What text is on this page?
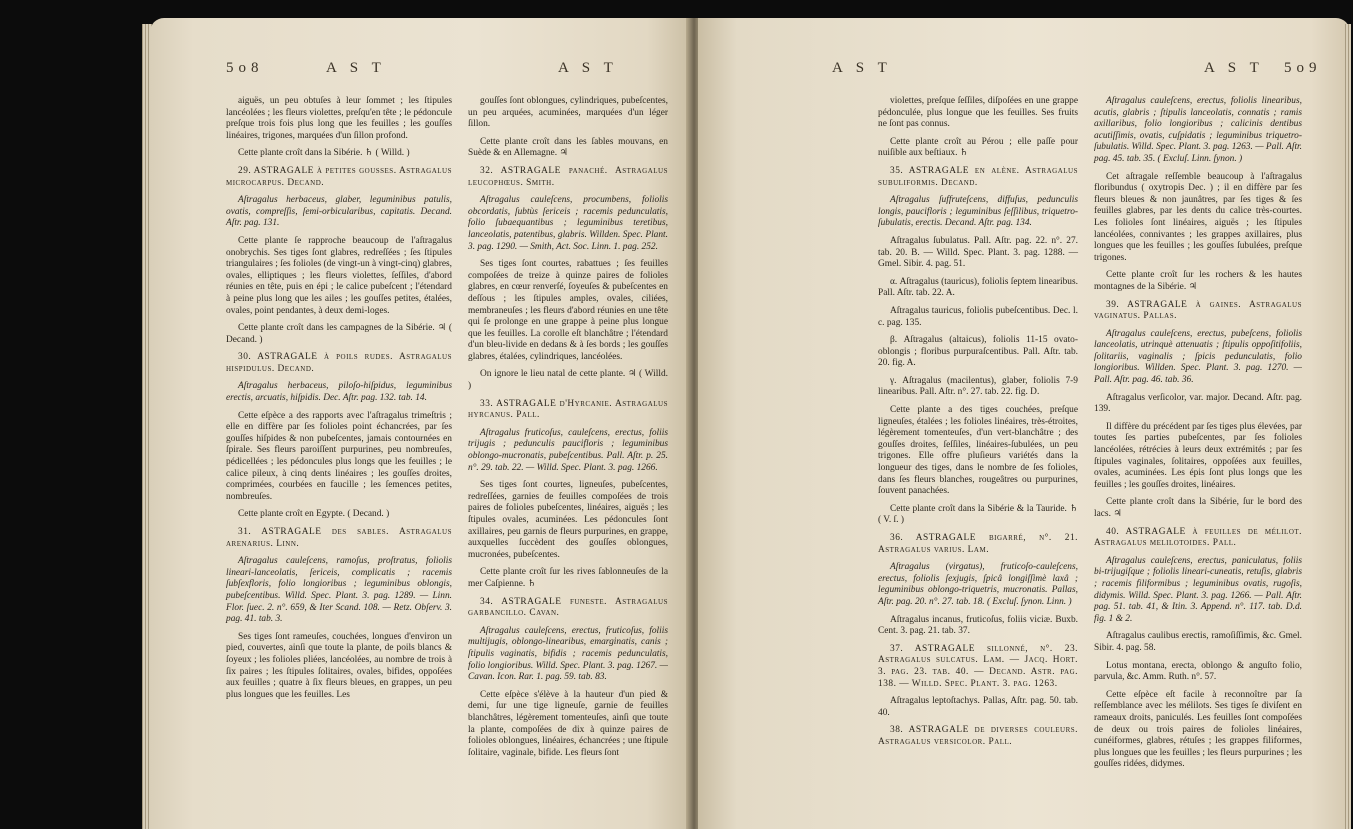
5o8	A S T	A S T

aiguës, un peu obtuſes à leur ſommet ; les ſtipules lancéolées ; les fleurs violettes, preſqu'en tête ; le pédoncule preſque trois fois plus long que les feuilles ; les gouſſes linéaires, trigones, marquées d'un ſillon profond.

Cette plante croît dans la Sibérie. ♄ ( Willd. )

29. ASTRAGALE à petites gouſſes. Aſtragalus microcarpus. Decand.

Aſtragalus herbaceus, glaber, leguminibus patulis, ovatis, compreſſis, ſemi-orbicularibus, capitatis. Decand. Aſtr. pag. 131.

Cette plante ſe rapproche beaucoup de l'aſtragalus onobrychis. Ses tiges ſont glabres, redreſſées ; ſes ſtipules triangulaires ; ſes folioles (de vingt-un à vingt-cinq) glabres, ovales, elliptiques ; les fleurs violettes, ſeſſiles, d'abord réunies en tête, puis en épi ; le calice pubeſcent ; l'étendard à peine plus long que les ailes ; les gouſſes petites, étalées, ovales, point pendantes, à deux demi-loges.

Cette plante croît dans les campagnes de la Sibérie. ♃ ( Decand. )

30. ASTRAGALE à poils rudes. Aſtragalus hiſpidulus. Decand.

Aſtragalus herbaceus, piloſo-hiſpidus, leguminibus erectis, arcuatis, hiſpidis. Dec. Aſtr. pag. 132. tab. 14.

Cette eſpèce a des rapports avec l'aſtragalus trimeſtris ; elle en diffère par ſes folioles point échancrées, par ſes gouſſes hiſpides & non pubeſcentes, jamais contournées en ſpirale. Ses fleurs paroiſſent purpurines, peu nombreuſes, pédicellées ; les pédoncules plus longs que les feuilles ; le calice pileux, à cinq dents linéaires ; les gouſſes droites, comprimées, courbées en faucille ; les ſemences petites, nombreuſes.

Cette plante croît en Egypte. ( Decand. )

31. ASTRAGALE des ſables. Aſtragalus arenarius. Linn.

Aſtragalus cauleſcens, ramoſus, proſtratus, foliolis lineari-lanceolatis, ſericeis, complicatis ; racemis ſubſexfloris, folio longioribus ; leguminibus oblongis, pubeſcentibus. Willd. Spec. Plant. 3. pag. 1289. — Linn. Flor. ſuec. 2. n°. 659, & Iter Scand. 108. — Retz. Obſerv. 3. pag. 41. tab. 3.

Ses tiges ſont rameuſes, couchées, longues d'environ un pied, couvertes, ainſi que toute la plante, de poils blancs & ſoyeux ; les folioles pliées, lancéolées, au nombre de trois à ſix paires ; les ſtipules ſolitaires, ovales, bifides, oppoſées aux feuilles ; quatre à ſix fleurs bleues, en grappes, un peu plus longues que les feuilles. Les

gouſſes ſont oblongues, cylindriques, pubeſcentes, un peu arquées, acuminées, marquées d'un léger ſillon.

Cette plante croît dans les ſables mouvans, en Suède & en Allemagne. ♃

32. ASTRAGALE panaché. Aſtragalus leucophœus. Smith.

Aſtragalus cauleſcens, procumbens, foliolis obcordatis, ſubtùs ſericeis ; racemis pedunculatis, folio ſubaequantibus ; leguminibus teretibus, lanceolatis, patentibus, glabris. Willden. Spec. Plant. 3. pag. 1290. — Smith, Act. Soc. Linn. 1. pag. 252.

Ses tiges ſont courtes, rabattues ; ſes feuilles compoſées de treize à quinze paires de folioles glabres, en cœur renverſé, ſoyeuſes & pubeſcentes en deſſous ; les ſtipules amples, ovales, ciliées, membraneuſes ; les fleurs d'abord réunies en une tête qui ſe prolonge en une grappe à peine plus longue que les feuilles. La corolle eſt blanchâtre ; l'étendard d'un bleu-livide en dedans & à ſes bords ; les gouſſes glabres, étalées, cylindriques, lancéolées.

On ignore le lieu natal de cette plante. ♃ ( Willd. )

33. ASTRAGALE d'Hyrcanie. Aſtragalus hyrcanus. Pall.

Aſtragalus fruticoſus, cauleſcens, erectus, foliis trijugis ; pedunculis paucifloris ; leguminibus oblongo-mucronatis, pubeſcentibus. Pall. Aſtr. p. 25. n°. 29. tab. 22. — Willd. Spec. Plant. 3. pag. 1266.

Ses tiges ſont courtes, ligneuſes, pubeſcentes, redreſſées, garnies de feuilles compoſées de trois paires de folioles pubeſcentes, linéaires, aiguës ; les ſtipules ovales, acuminées. Les pédoncules ſont axillaires, peu garnis de fleurs purpurines, en grappe, auxquelles ſuccèdent des gouſſes oblongues, mucronées, pubeſcentes.

Cette plante croît ſur les rives ſablonneuſes de la mer Caſpienne. ♄

34. ASTRAGALE funeſte. Aſtragalus garbancillo. Cavan.

Aſtragalus cauleſcens, erectus, fruticoſus, foliis multijugis, oblongo-linearibus, emarginatis, canis ; ſtipulis vaginatis, bifidis ; racemis pedunculatis, folio longioribus. Willd. Spec. Plant. 3. pag. 1267. — Cavan. Icon. Rar. 1. pag. 59. tab. 83.

Cette eſpèce s'élève à la hauteur d'un pied & demi, ſur une tige ligneuſe, garnie de feuilles blanchâtres, légèrement tomenteuſes, ainſi que toute la plante, compoſées de dix à quinze paires de folioles oblongues, linéaires, échancrées ; une ſtipule ſolitaire, vaginale, bifide. Les fleurs ſont

A S T	A S T 5o9

violettes, preſque ſeſſiles, diſpoſées en une grappe pédonculée, plus longue que les feuilles. Ses fruits ne ſont pas connus.

Cette plante croît au Pérou ; elle paſſe pour nuiſible aux beſtiaux. ♄

35. ASTRAGALE en alène. Aſtragalus ſubuliformis. Decand.

Aſtragalus ſuffruteſcens, diffuſus, pedunculis longis, paucifloris ; leguminibus ſeſſilibus, triquetro-ſubulatis, erectis. Decand. Aſtr. pag. 134.

Aſtragalus ſubulatus. Pall. Aſtr. pag. 22. n°. 27. tab. 20. B. — Willd. Spec. Plant. 3. pag. 1288. — Gmel. Sibir. 4. pag. 51.

α. Aſtragalus (tauricus), foliolis ſeptem linearibus. Pall. Aſtr. tab. 22. A.

Aſtragalus tauricus, foliolis pubeſcentibus. Dec. l. c. pag. 135.

β. Aſtragalus (altaicus), foliolis 11-15 ovato-oblongis ; floribus purpuraſcentibus. Pall. Aſtr. tab. 20. fig. A.

γ. Aſtragalus (macilentus), glaber, foliolis 7-9 linearibus. Pall. Aſtr. n°. 27. tab. 22. fig. D.

Cette plante a des tiges couchées, preſque ligneuſes, étalées ; les folioles linéaires, très-étroites, légèrement tomenteuſes, d'un vert-blanchâtre ; des gouſſes droites, ſeſſiles, linéaires-ſubulées, un peu trigones. Elle offre pluſieurs variétés dans la longueur des tiges, dans le nombre de ſes folioles, dans ſes fleurs blanches, rougeâtres ou purpurines, ſouvent panachées.

Cette plante croît dans la Sibérie & la Tauride. ♄ ( V. ſ. )

36. ASTRAGALE bigarré, n°. 21. Aſtragalus varius. Lam.

Aſtragalus (virgatus), fruticoſo-cauleſcens, erectus, foliolis ſexjugis, ſpicâ longiſſimè laxâ ; leguminibus oblongo-triquetris, mucronatis. Pallas, Aſtr. pag. 20. n°. 27. tab. 18. ( Excluſ. ſynon. Linn. )

Aſtragalus incanus, fruticoſus, foliis viciæ. Buxb. Cent. 3. pag. 21. tab. 37.

37. ASTRAGALE ſillonné, n°. 23. Aſtragalus ſulcatus. Lam. — Jacq. Hort. 3. pag. 23. tab. 40. — Decand. Aſtr. pag. 138. — Willd. Spec. Plant. 3. pag. 1263.

Aſtragalus leptoſtachys. Pallas, Aſtr. pag. 50. tab. 40.

38. ASTRAGALE de diverſes couleurs. Aſtragalus verſicolor. Pall.

Aſtragalus cauleſcens, erectus, foliolis linearibus, acutis, glabris ; ſtipulis lanceolatis, connatis ; ramis axillaribus, folio longioribus ; calicinis dentibus acutiſſimis, ovatis, cuſpidatis ; leguminibus triquetro-ſubulatis. Willd. Spec. Plant. 3. pag. 1263. — Pall. Aſtr. pag. 45. tab. 35. ( Excluſ. Linn. ſynon. )

Cet aſtragale reſſemble beaucoup à l'aſtragalus floribundus ( oxytropis Dec. ) ; il en diffère par ſes fleurs bleues & non jaunâtres, par ſes tiges & ſes feuilles glabres, par les dents du calice très-courtes. Les folioles ſont linéaires, aiguës ; les ſtipules lancéolées, connivantes ; les grappes axillaires, plus longues que les feuilles ; les gouſſes ſubulées, preſque trigones.

Cette plante croît ſur les rochers & les hautes montagnes de la Sibérie. ♃

39. ASTRAGALE à gaines. Aſtragalus vaginatus. Pallas.

Aſtragalus cauleſcens, erectus, pubeſcens, foliolis lanceolatis, utrinquè attenuatis ; ſtipulis oppoſitifoliis, ſolitariis, vaginalis ; ſpicis pedunculatis, folio longioribus. Willden. Spec. Plant. 3. pag. 1270. — Pall. Aſtr. pag. 46. tab. 36.

Aſtragalus verſicolor, var. major. Decand. Aſtr. pag. 139.

Il diffère du précédent par ſes tiges plus élevées, par toutes ſes parties pubeſcentes, par ſes folioles lancéolées, rétrécies à leurs deux extrémités ; par ſes ſtipules vaginales, ſolitaires, oppoſées aux feuilles, ovales, acuminées. Les épis ſont plus longs que les feuilles ; les gouſſes droites, linéaires.

Cette plante croît dans la Sibérie, ſur le bord des lacs. ♃

40. ASTRAGALE à feuilles de mélilot. Aſtragalus melilotoides. Pall.

Aſtragalus cauleſcens, erectus, paniculatus, foliis bi-trijugiſque ; foliolis lineari-cuneatis, retuſis, glabris ; racemis filiformibus ; leguminibus ovatis, rugoſis, didymis. Willd. Spec. Plant. 3. pag. 1266. — Pall. Aſtr. pag. 51. tab. 41, & Itin. 3. Append. n°. 117. tab. D.d. fig. 1 & 2.

Aſtragalus caulibus erectis, ramoſiſſimis, &c. Gmel. Sibir. 4. pag. 58.

Lotus montana, erecta, oblongo & anguſto folio, parvula, &c. Amm. Ruth. n°. 57.

Cette eſpèce eſt facile à reconnoître par ſa reſſemblance avec les mélilots. Ses tiges ſe diviſent en rameaux droits, paniculés. Les feuilles ſont compoſées de deux ou trois paires de folioles linéaires, cunéiformes, glabres, rétuſes ; les grappes filiformes, plus longues que les feuilles ; les fleurs purpurines ; les gouſſes ridées, didymes.
